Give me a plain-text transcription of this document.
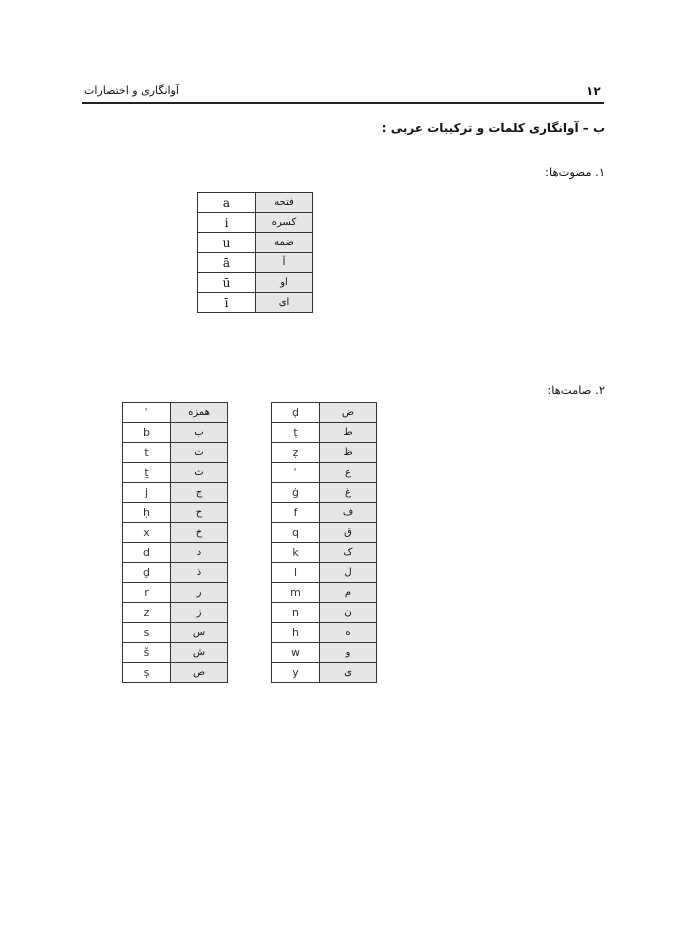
١٢
آوانگاری و اختصارات
ب – آوانگاری کلمات و ترکیبات عربی :
١. مصوت‌ها:
a	فتحه
i	کسره
u	ضمه
ā	آ
ū	او
ī	ای
٢. صامت‌ها:
ʾ	همزه
b	ب
t	ت
ṯ	ث
j	ج
ḥ	ح
x	خ
d	د
ḏ	ذ
r	ر
z	ز
s	س
š	ش
ṣ	ص
ḍ	ض
ṭ	ط
ẓ	ظ
ʿ	ع
ġ	غ
f	ف
q	ق
k	ک
l	ل
m	م
n	ن
h	ه
w	و
y	ی
